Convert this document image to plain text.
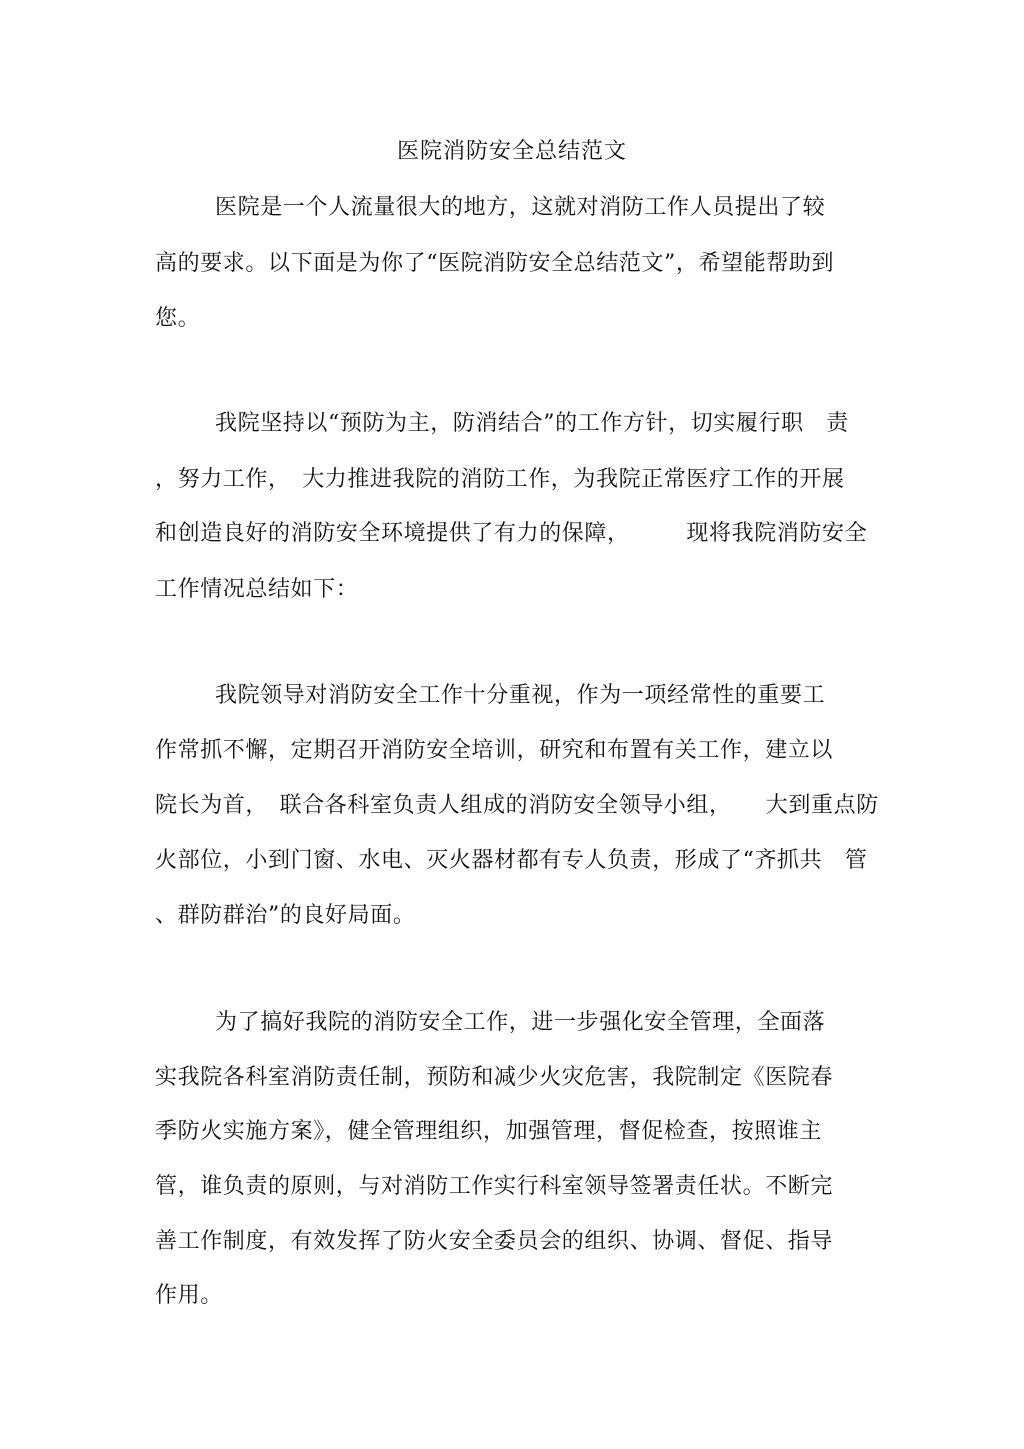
医院消防安全总结范文
医院是一个人流量很大的地方，这就对消防工作人员提出了较
高的要求。以下面是为你了“医院消防安全总结范文”，希望能帮助到
您。
我院坚持以“预防为主，防消结合”的工作方针，切实履行职　责
，努力工作，　大力推进我院的消防工作，为我院正常医疗工作的开展
和创造良好的消防安全环境提供了有力的保障，　　　现将我院消防安全
工作情况总结如下：
我院领导对消防安全工作十分重视，作为一项经常性的重要工
作常抓不懈，定期召开消防安全培训，研究和布置有关工作，建立以
院长为首，　联合各科室负责人组成的消防安全领导小组，　　大到重点防
火部位，小到门窗、水电、灭火器材都有专人负责，形成了“齐抓共　管
、群防群治”的良好局面。
为了搞好我院的消防安全工作，进一步强化安全管理，全面落
实我院各科室消防责任制，预防和减少火灾危害，我院制定《医院春
季防火实施方案》，健全管理组织，加强管理，督促检查，按照谁主
管，谁负责的原则，与对消防工作实行科室领导签署责任状。不断完
善工作制度，有效发挥了防火安全委员会的组织、协调、督促、指导
作用。
